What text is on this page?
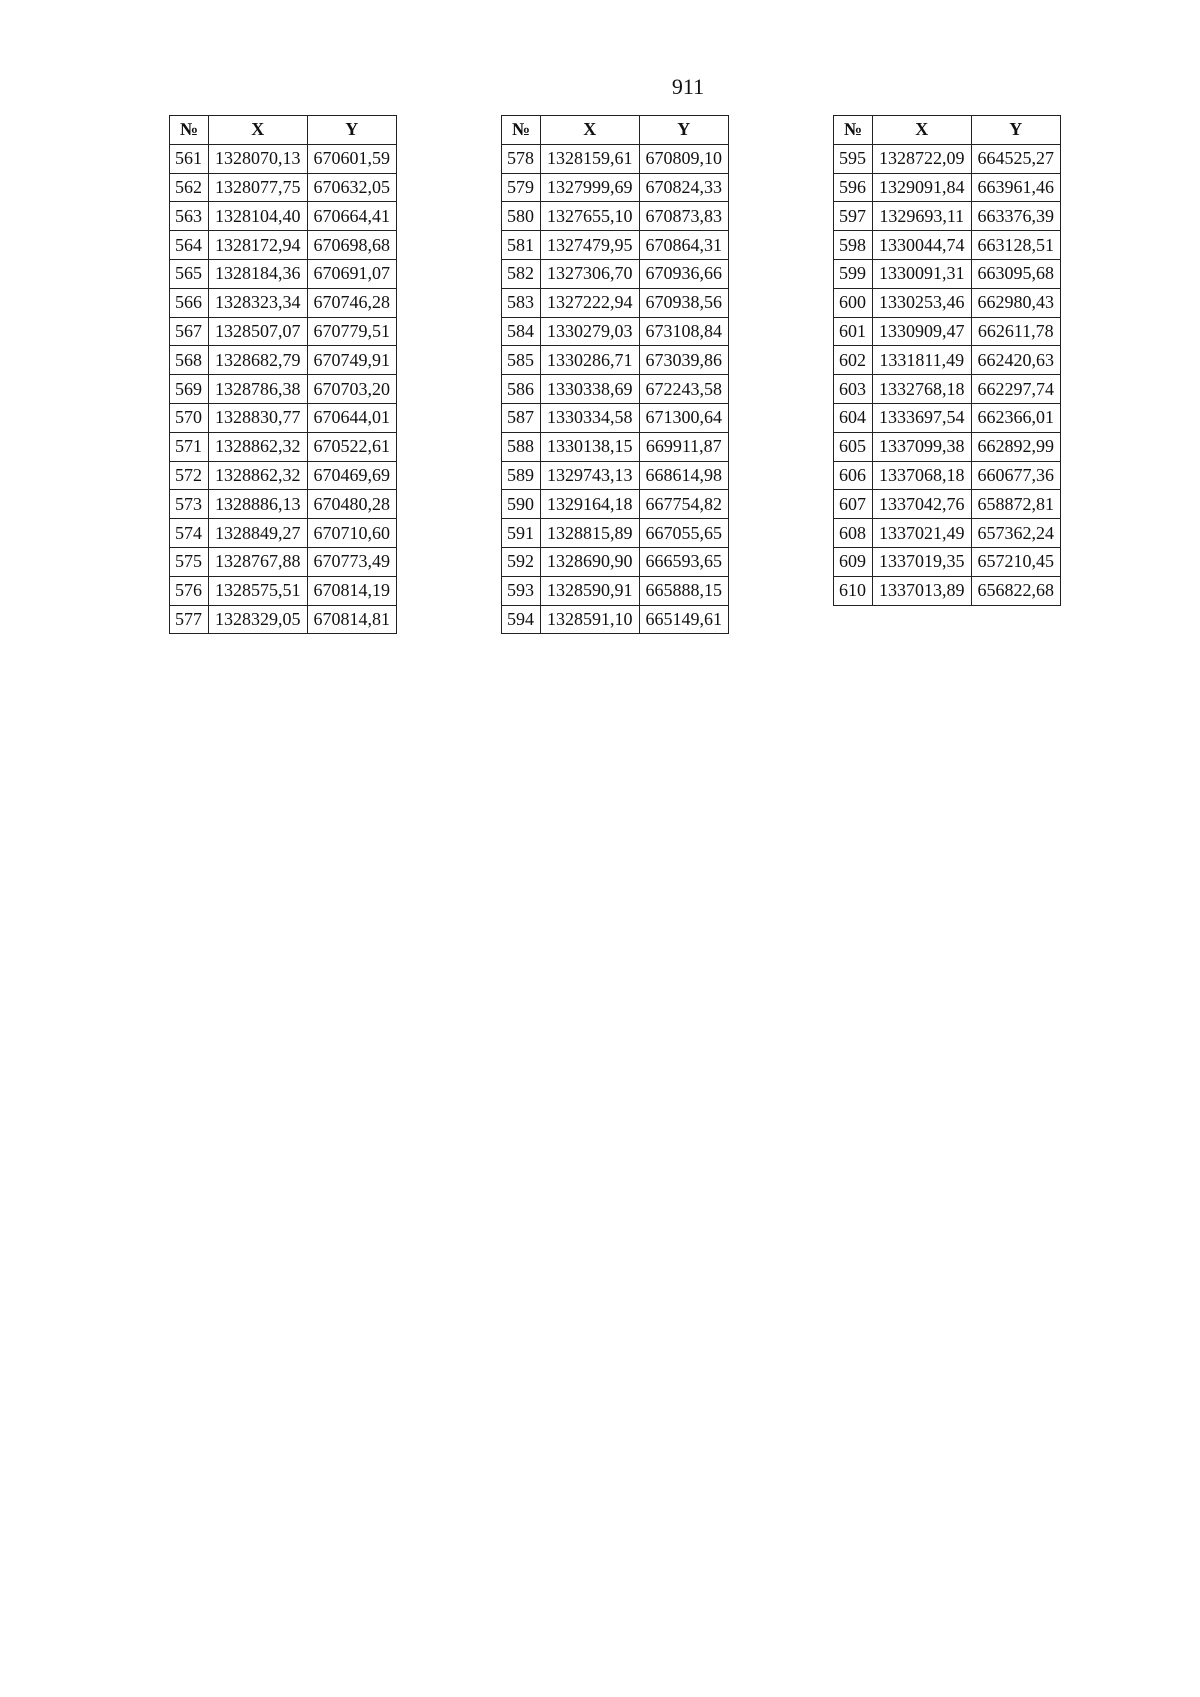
911
№	X	Y
561	1328070,13	670601,59
562	1328077,75	670632,05
563	1328104,40	670664,41
564	1328172,94	670698,68
565	1328184,36	670691,07
566	1328323,34	670746,28
567	1328507,07	670779,51
568	1328682,79	670749,91
569	1328786,38	670703,20
570	1328830,77	670644,01
571	1328862,32	670522,61
572	1328862,32	670469,69
573	1328886,13	670480,28
574	1328849,27	670710,60
575	1328767,88	670773,49
576	1328575,51	670814,19
577	1328329,05	670814,81
№	X	Y
578	1328159,61	670809,10
579	1327999,69	670824,33
580	1327655,10	670873,83
581	1327479,95	670864,31
582	1327306,70	670936,66
583	1327222,94	670938,56
584	1330279,03	673108,84
585	1330286,71	673039,86
586	1330338,69	672243,58
587	1330334,58	671300,64
588	1330138,15	669911,87
589	1329743,13	668614,98
590	1329164,18	667754,82
591	1328815,89	667055,65
592	1328690,90	666593,65
593	1328590,91	665888,15
594	1328591,10	665149,61
№	X	Y
595	1328722,09	664525,27
596	1329091,84	663961,46
597	1329693,11	663376,39
598	1330044,74	663128,51
599	1330091,31	663095,68
600	1330253,46	662980,43
601	1330909,47	662611,78
602	1331811,49	662420,63
603	1332768,18	662297,74
604	1333697,54	662366,01
605	1337099,38	662892,99
606	1337068,18	660677,36
607	1337042,76	658872,81
608	1337021,49	657362,24
609	1337019,35	657210,45
610	1337013,89	656822,68
